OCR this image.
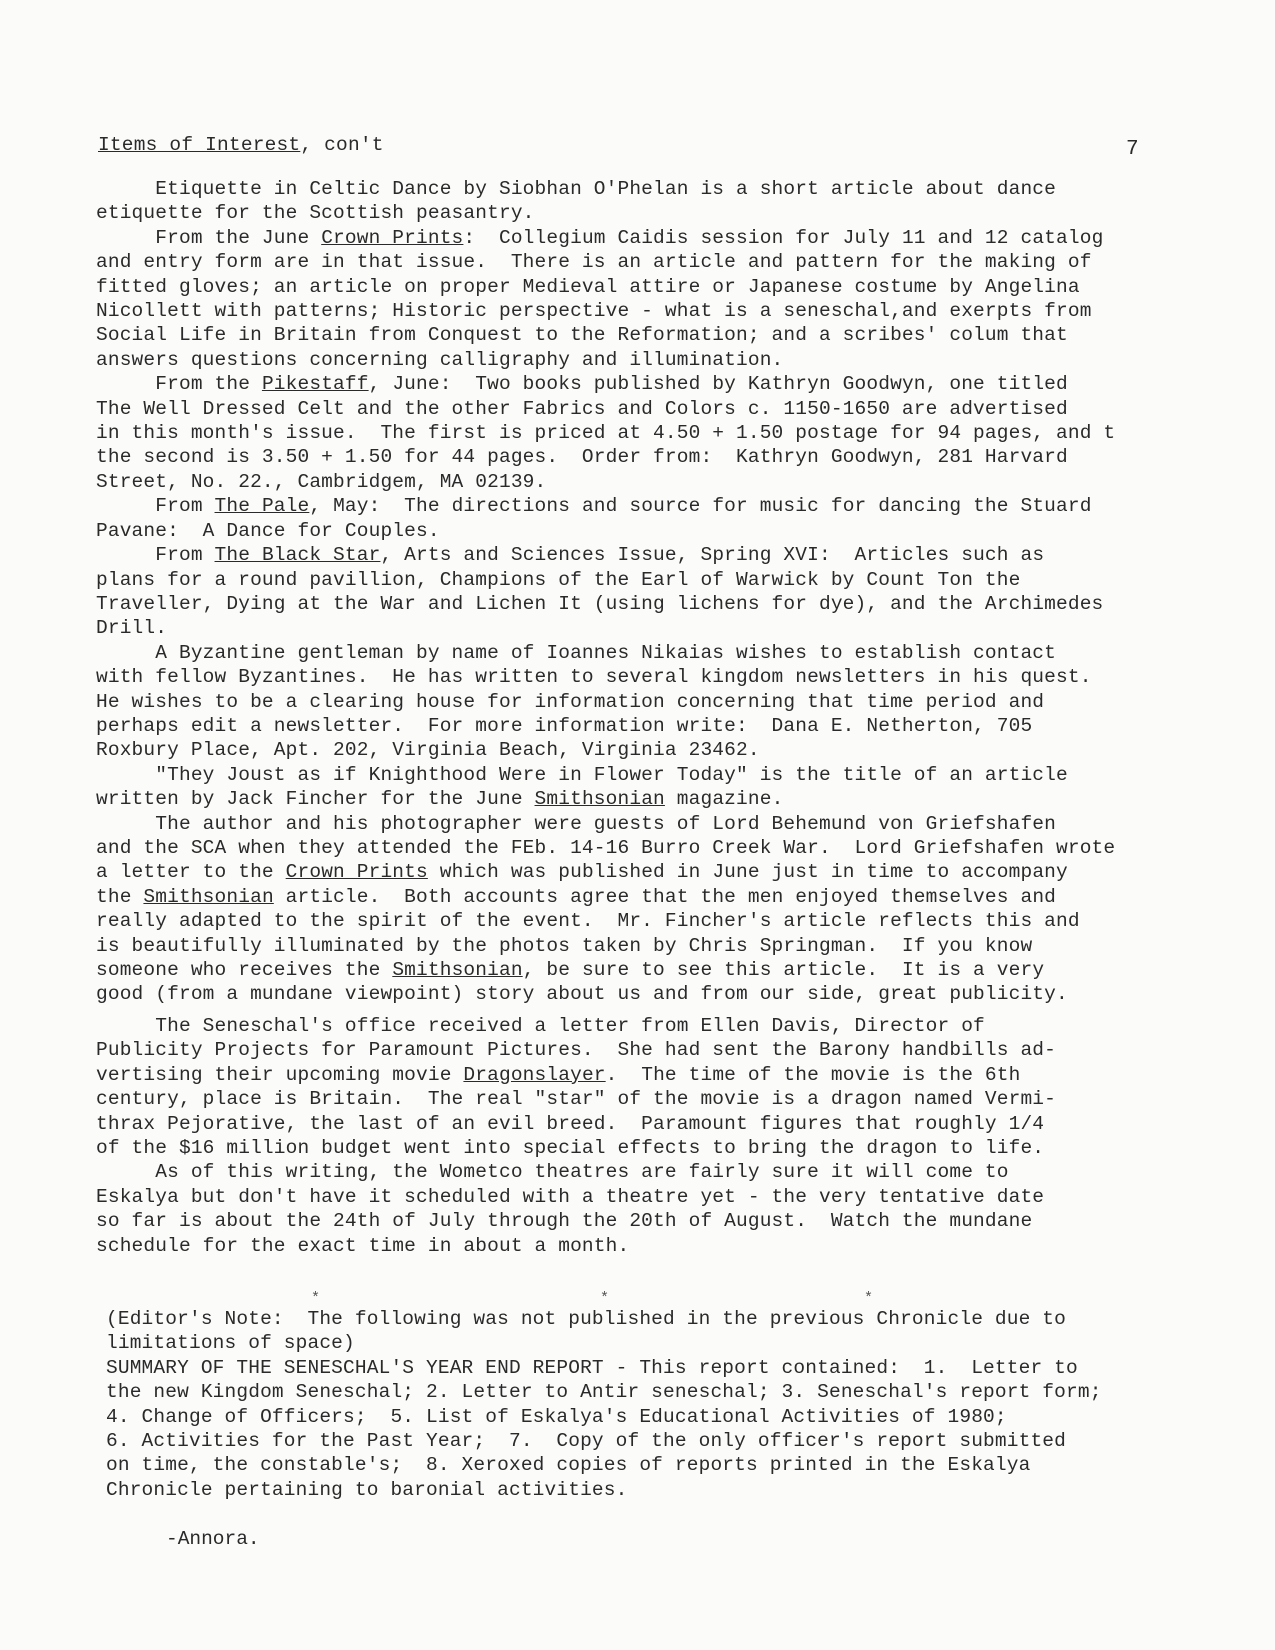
Items of Interest, con't	7
Etiquette in Celtic Dance by Siobhan O'Phelan is a short article about dance
etiquette for the Scottish peasantry.
From the June Crown Prints:  Collegium Caidis session for July 11 and 12 catalog
and entry form are in that issue.  There is an article and pattern for the making of
fitted gloves; an article on proper Medieval attire or Japanese costume by Angelina
Nicollett with patterns; Historic perspective - what is a seneschal,and exerpts from
Social Life in Britain from Conquest to the Reformation; and a scribes' colum that
answers questions concerning calligraphy and illumination.
From the Pikestaff, June:  Two books published by Kathryn Goodwyn, one titled
The Well Dressed Celt and the other Fabrics and Colors c. 1150-1650 are advertised
in this month's issue.  The first is priced at 4.50 + 1.50 postage for 94 pages, and t
the second is 3.50 + 1.50 for 44 pages.  Order from:  Kathryn Goodwyn, 281 Harvard
Street, No. 22., Cambridgem, MA 02139.
From The Pale, May:  The directions and source for music for dancing the Stuard
Pavane:  A Dance for Couples.
From The Black Star, Arts and Sciences Issue, Spring XVI:  Articles such as
plans for a round pavillion, Champions of the Earl of Warwick by Count Ton the
Traveller, Dying at the War and Lichen It (using lichens for dye), and the Archimedes
Drill.
A Byzantine gentleman by name of Ioannes Nikaias wishes to establish contact
with fellow Byzantines.  He has written to several kingdom newsletters in his quest.
He wishes to be a clearing house for information concerning that time period and
perhaps edit a newsletter.  For more information write:  Dana E. Netherton, 705
Roxbury Place, Apt. 202, Virginia Beach, Virginia 23462.
"They Joust as if Knighthood Were in Flower Today" is the title of an article
written by Jack Fincher for the June Smithsonian magazine.
The author and his photographer were guests of Lord Behemund von Griefshafen
and the SCA when they attended the FEb. 14-16 Burro Creek War.  Lord Griefshafen wrote
a letter to the Crown Prints which was published in June just in time to accompany
the Smithsonian article.  Both accounts agree that the men enjoyed themselves and
really adapted to the spirit of the event.  Mr. Fincher's article reflects this and
is beautifully illuminated by the photos taken by Chris Springman.  If you know
someone who receives the Smithsonian, be sure to see this article.  It is a very
good (from a mundane viewpoint) story about us and from our side, great publicity.
The Seneschal's office received a letter from Ellen Davis, Director of
Publicity Projects for Paramount Pictures.  She had sent the Barony handbills ad-
vertising their upcoming movie Dragonslayer.  The time of the movie is the 6th
century, place is Britain.  The real "star" of the movie is a dragon named Vermi-
thrax Pejorative, the last of an evil breed.  Paramount figures that roughly 1/4
of the $16 million budget went into special effects to bring the dragon to life.
As of this writing, the Wometco theatres are fairly sure it will come to
Eskalya but don't have it scheduled with a theatre yet - the very tentative date
so far is about the 24th of July through the 20th of August.  Watch the mundane
schedule for the exact time in about a month.
*	*	*
(Editor's Note:  The following was not published in the previous Chronicle due to
limitations of space)
SUMMARY OF THE SENESCHAL'S YEAR END REPORT - This report contained:  1.  Letter to
the new Kingdom Seneschal; 2. Letter to Antir seneschal; 3. Seneschal's report form;
4. Change of Officers;  5. List of Eskalya's Educational Activities of 1980;
6. Activities for the Past Year;  7.  Copy of the only officer's report submitted
on time, the constable's;  8. Xeroxed copies of reports printed in the Eskalya
Chronicle pertaining to baronial activities.
-Annora.
